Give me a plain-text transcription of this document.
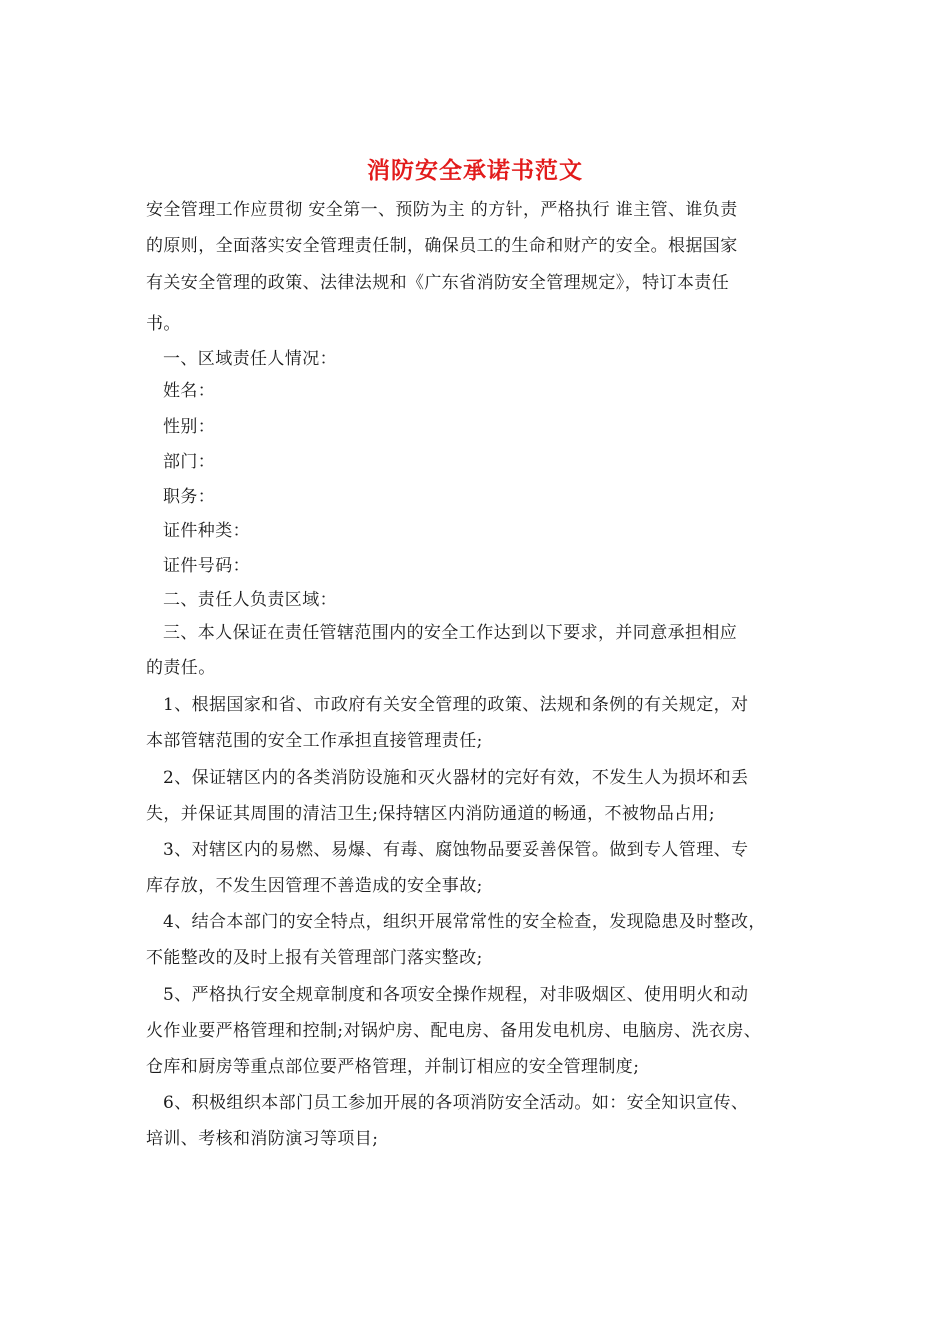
消防安全承诺书范文
安全管理工作应贯彻 安全第一、预防为主 的方针，严格执行 谁主管、谁负责
的原则，全面落实安全管理责任制，确保员工的生命和财产的安全。根据国家
有关安全管理的政策、法律法规和《广东省消防安全管理规定》，特订本责任
书。
一、区域责任人情况：
姓名：
性别：
部门：
职务：
证件种类：
证件号码：
二、责任人负责区域：
三、本人保证在责任管辖范围内的安全工作达到以下要求，并同意承担相应
的责任。
1、根据国家和省、市政府有关安全管理的政策、法规和条例的有关规定，对
本部管辖范围的安全工作承担直接管理责任;
2、保证辖区内的各类消防设施和灭火器材的完好有效，不发生人为损坏和丢
失，并保证其周围的清洁卫生;保持辖区内消防通道的畅通，不被物品占用;
3、对辖区内的易燃、易爆、有毒、腐蚀物品要妥善保管。做到专人管理、专
库存放，不发生因管理不善造成的安全事故;
4、结合本部门的安全特点，组织开展常常性的安全检查，发现隐患及时整改，
不能整改的及时上报有关管理部门落实整改;
5、严格执行安全规章制度和各项安全操作规程，对非吸烟区、使用明火和动
火作业要严格管理和控制;对锅炉房、配电房、备用发电机房、电脑房、洗衣房、
仓库和厨房等重点部位要严格管理，并制订相应的安全管理制度;
6、积极组织本部门员工参加开展的各项消防安全活动。如：安全知识宣传、
培训、考核和消防演习等项目;
